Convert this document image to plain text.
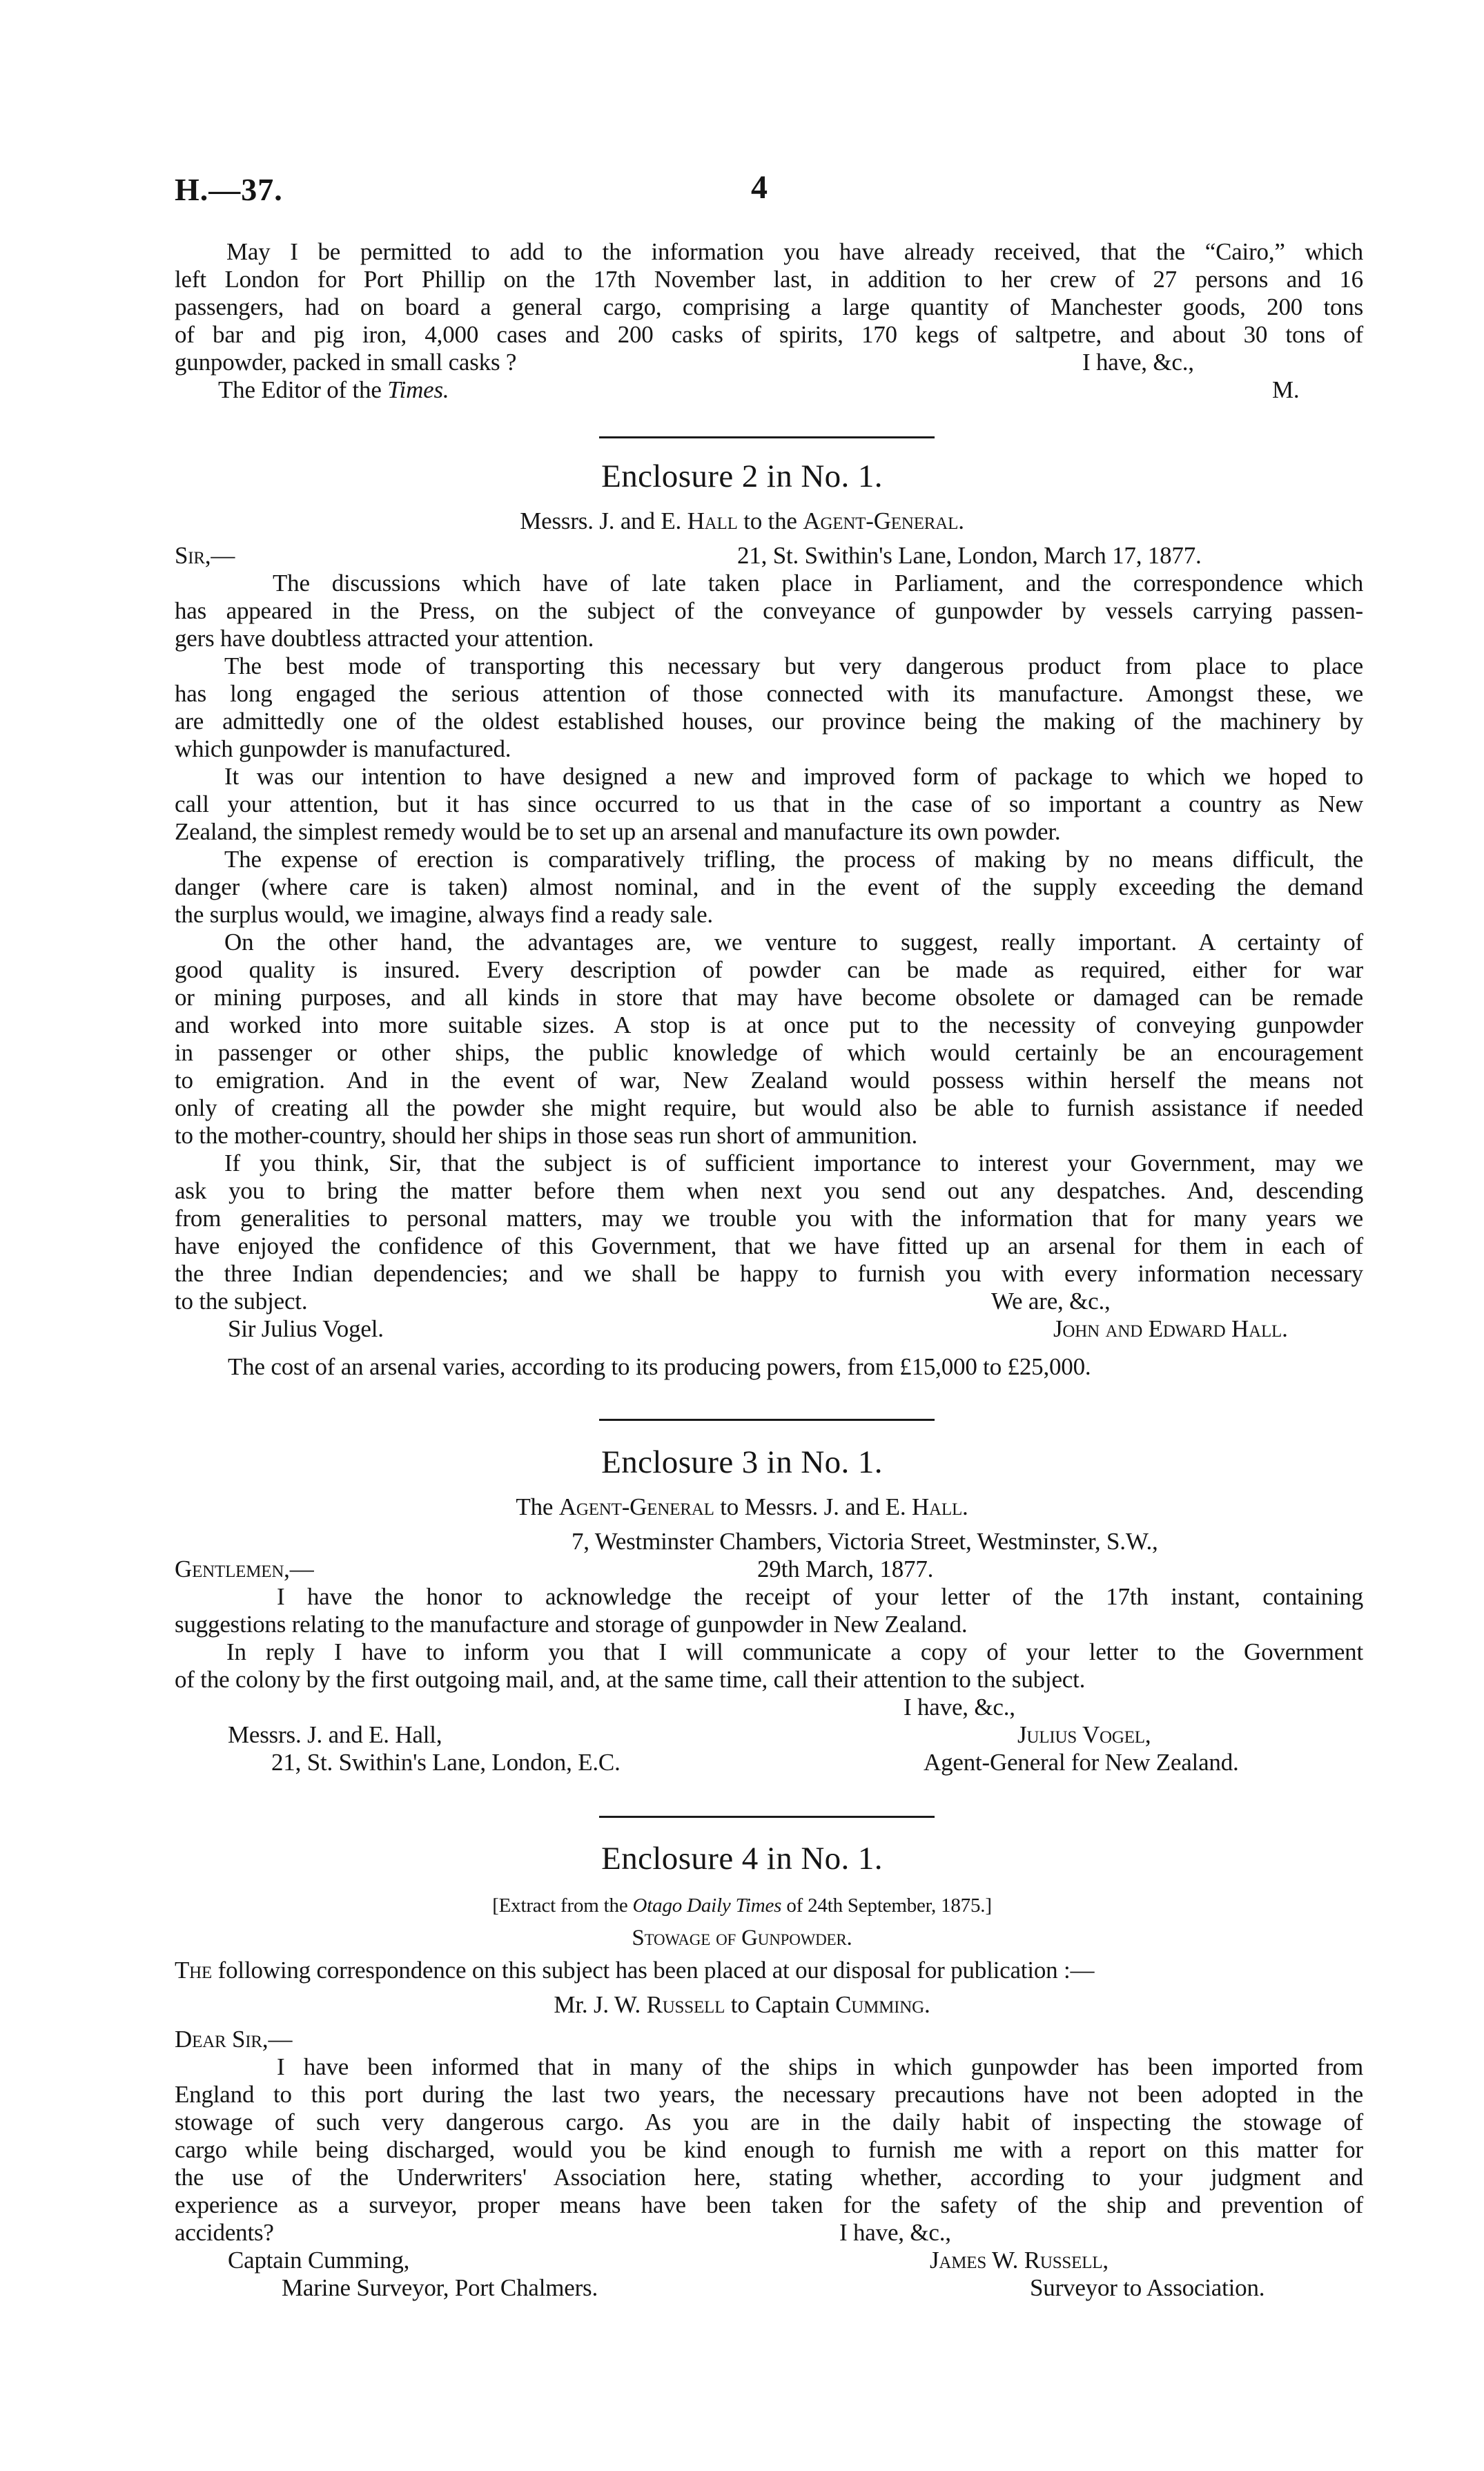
H.—37.	4
May I be permitted to add to the information you have already received, that the “Cairo,” which
left London for Port Phillip on the 17th November last, in addition to her crew of 27 persons and 16
passengers, had on board a general cargo, comprising a large quantity of Manchester goods, 200 tons
of bar and pig iron, 4,000 cases and 200 casks of spirits, 170 kegs of saltpetre, and about 30 tons of
gunpowder, packed in small casks ?	I have, &c.,
The Editor of the Times.	M.
Enclosure 2 in No. 1.
Messrs. J. and E. Hall to the Agent-General.
Sir,—	21, St. Swithin's Lane, London, March 17, 1877.
The discussions which have of late taken place in Parliament, and the correspondence which
has appeared in the Press, on the subject of the conveyance of gunpowder by vessels carrying passen-
gers have doubtless attracted your attention.
The best mode of transporting this necessary but very dangerous product from place to place
has long engaged the serious attention of those connected with its manufacture. Amongst these, we
are admittedly one of the oldest established houses, our province being the making of the machinery by
which gunpowder is manufactured.
It was our intention to have designed a new and improved form of package to which we hoped to
call your attention, but it has since occurred to us that in the case of so important a country as New
Zealand, the simplest remedy would be to set up an arsenal and manufacture its own powder.
The expense of erection is comparatively trifling, the process of making by no means difficult, the
danger (where care is taken) almost nominal, and in the event of the supply exceeding the demand
the surplus would, we imagine, always find a ready sale.
On the other hand, the advantages are, we venture to suggest, really important. A certainty of
good quality is insured. Every description of powder can be made as required, either for war
or mining purposes, and all kinds in store that may have become obsolete or damaged can be remade
and worked into more suitable sizes. A stop is at once put to the necessity of conveying gunpowder
in passenger or other ships, the public knowledge of which would certainly be an encouragement
to emigration. And in the event of war, New Zealand would possess within herself the means not
only of creating all the powder she might require, but would also be able to furnish assistance if needed
to the mother-country, should her ships in those seas run short of ammunition.
If you think, Sir, that the subject is of sufficient importance to interest your Government, may we
ask you to bring the matter before them when next you send out any despatches. And, descending
from generalities to personal matters, may we trouble you with the information that for many years we
have enjoyed the confidence of this Government, that we have fitted up an arsenal for them in each of
the three Indian dependencies; and we shall be happy to furnish you with every information necessary
to the subject.	We are, &c.,
Sir Julius Vogel.	John and Edward Hall.
The cost of an arsenal varies, according to its producing powers, from £15,000 to £25,000.
Enclosure 3 in No. 1.
The Agent-General to Messrs. J. and E. Hall.
7, Westminster Chambers, Victoria Street, Westminster, S.W.,
Gentlemen,—	29th March, 1877.
I have the honor to acknowledge the receipt of your letter of the 17th instant, containing
suggestions relating to the manufacture and storage of gunpowder in New Zealand.
In reply I have to inform you that I will communicate a copy of your letter to the Government
of the colony by the first outgoing mail, and, at the same time, call their attention to the subject.
I have, &c.,
Messrs. J. and E. Hall,	Julius Vogel,
21, St. Swithin's Lane, London, E.C.	Agent-General for New Zealand.
Enclosure 4 in No. 1.
[Extract from the Otago Daily Times of 24th September, 1875.]
Stowage of Gunpowder.
The following correspondence on this subject has been placed at our disposal for publication :—
Mr. J. W. Russell to Captain Cumming.
Dear Sir,—
I have been informed that in many of the ships in which gunpowder has been imported from
England to this port during the last two years, the necessary precautions have not been adopted in the
stowage of such very dangerous cargo. As you are in the daily habit of inspecting the stowage of
cargo while being discharged, would you be kind enough to furnish me with a report on this matter for
the use of the Underwriters' Association here, stating whether, according to your judgment and
experience as a surveyor, proper means have been taken for the safety of the ship and prevention of
accidents?	I have, &c.,
Captain Cumming,	James W. Russell,
Marine Surveyor, Port Chalmers.	Surveyor to Association.
